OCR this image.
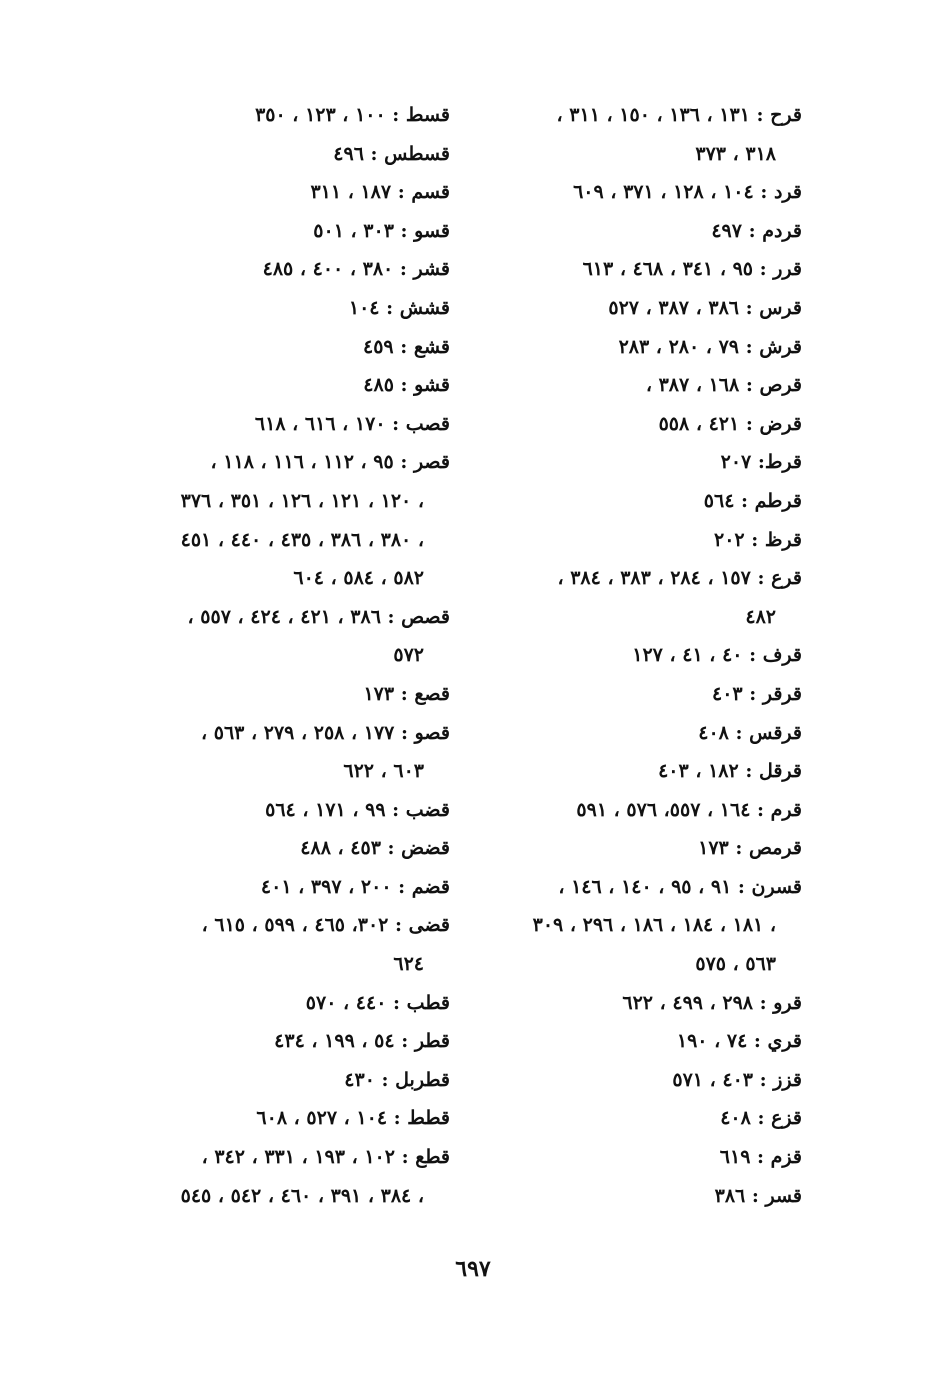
قرح : ١٣١ ، ١٣٦ ، ١٥٠ ، ٣١١ ،
٣١٨ ، ٣٧٣
قرد : ١٠٤ ، ١٢٨ ، ٣٧١ ، ٦٠٩
قردم : ٤٩٧
قرر : ٩٥ ، ٣٤١ ، ٤٦٨ ، ٦١٣
قرس : ٣٨٦ ، ٣٨٧ ، ٥٢٧
قرش : ٧٩ ، ٢٨٠ ، ٢٨٣
قرص : ١٦٨ ، ٣٨٧ ،
قرض : ٤٢١ ، ٥٥٨
قرط: ٢٠٧
قرطم : ٥٦٤
قرظ : ٢٠٢
قرع : ١٥٧ ، ٢٨٤ ، ٣٨٣ ، ٣٨٤ ،
٤٨٢
قرف : ٤٠ ، ٤١ ، ١٢٧
قرقر : ٤٠٣
قرقس : ٤٠٨
قرقل : ١٨٢ ، ٤٠٣
قرم : ١٦٤ ، ٥٥٧، ٥٧٦ ، ٥٩١
قرمص : ١٧٣
قسرن : ٩١ ، ٩٥ ، ١٤٠ ، ١٤٦ ،
١٨١ ، ١٨٤ ، ١٨٦ ، ٢٩٦ ، ٣٠٩ ،
٥٦٣ ، ٥٧٥
قرو : ٢٩٨ ، ٤٩٩ ، ٦٢٢
قري : ٧٤ ، ١٩٠
قزز : ٤٠٣ ، ٥٧١
قزع : ٤٠٨
قزم : ٦١٩
قسر : ٣٨٦
قسط : ١٠٠ ، ١٢٣ ، ٣٥٠
قسطس : ٤٩٦
قسم : ١٨٧ ، ٣١١
قسو : ٣٠٣ ، ٥٠١
قشر : ٣٨٠ ، ٤٠٠ ، ٤٨٥
قشش : ١٠٤
قشع : ٤٥٩
قشو : ٤٨٥
قصب : ١٧٠ ، ٦١٦ ، ٦١٨
قصر : ٩٥ ، ١١٢ ، ١١٦ ، ١١٨ ،
١٢٠ ، ١٢١ ، ١٢٦ ، ٣٥١ ، ٣٧٦ ،
٣٨٠ ، ٣٨٦ ، ٤٣٥ ، ٤٤٠ ، ٤٥١ ،
٥٨٢ ، ٥٨٤ ، ٦٠٤
قصص : ٣٨٦ ، ٤٢١ ، ٤٢٤ ، ٥٥٧ ،
٥٧٢
قصع : ١٧٣
قصو : ١٧٧ ، ٢٥٨ ، ٢٧٩ ، ٥٦٣ ،
٦٠٣ ، ٦٢٢
قضب : ٩٩ ، ١٧١ ، ٥٦٤
قضض : ٤٥٣ ، ٤٨٨
قضم : ٢٠٠ ، ٣٩٧ ، ٤٠١
قضى : ٣٠٢، ٤٦٥ ، ٥٩٩ ، ٦١٥ ،
٦٢٤
قطب : ٤٤٠ ، ٥٧٠
قطر : ٥٤ ، ١٩٩ ، ٤٣٤
قطربل : ٤٣٠
قطط : ١٠٤ ، ٥٢٧ ، ٦٠٨
قطع : ١٠٢ ، ١٩٣ ، ٣٣١ ، ٣٤٢ ،
٣٨٤ ، ٣٩١ ، ٤٦٠ ، ٥٤٢ ، ٥٤٥ ،
٦٩٧
